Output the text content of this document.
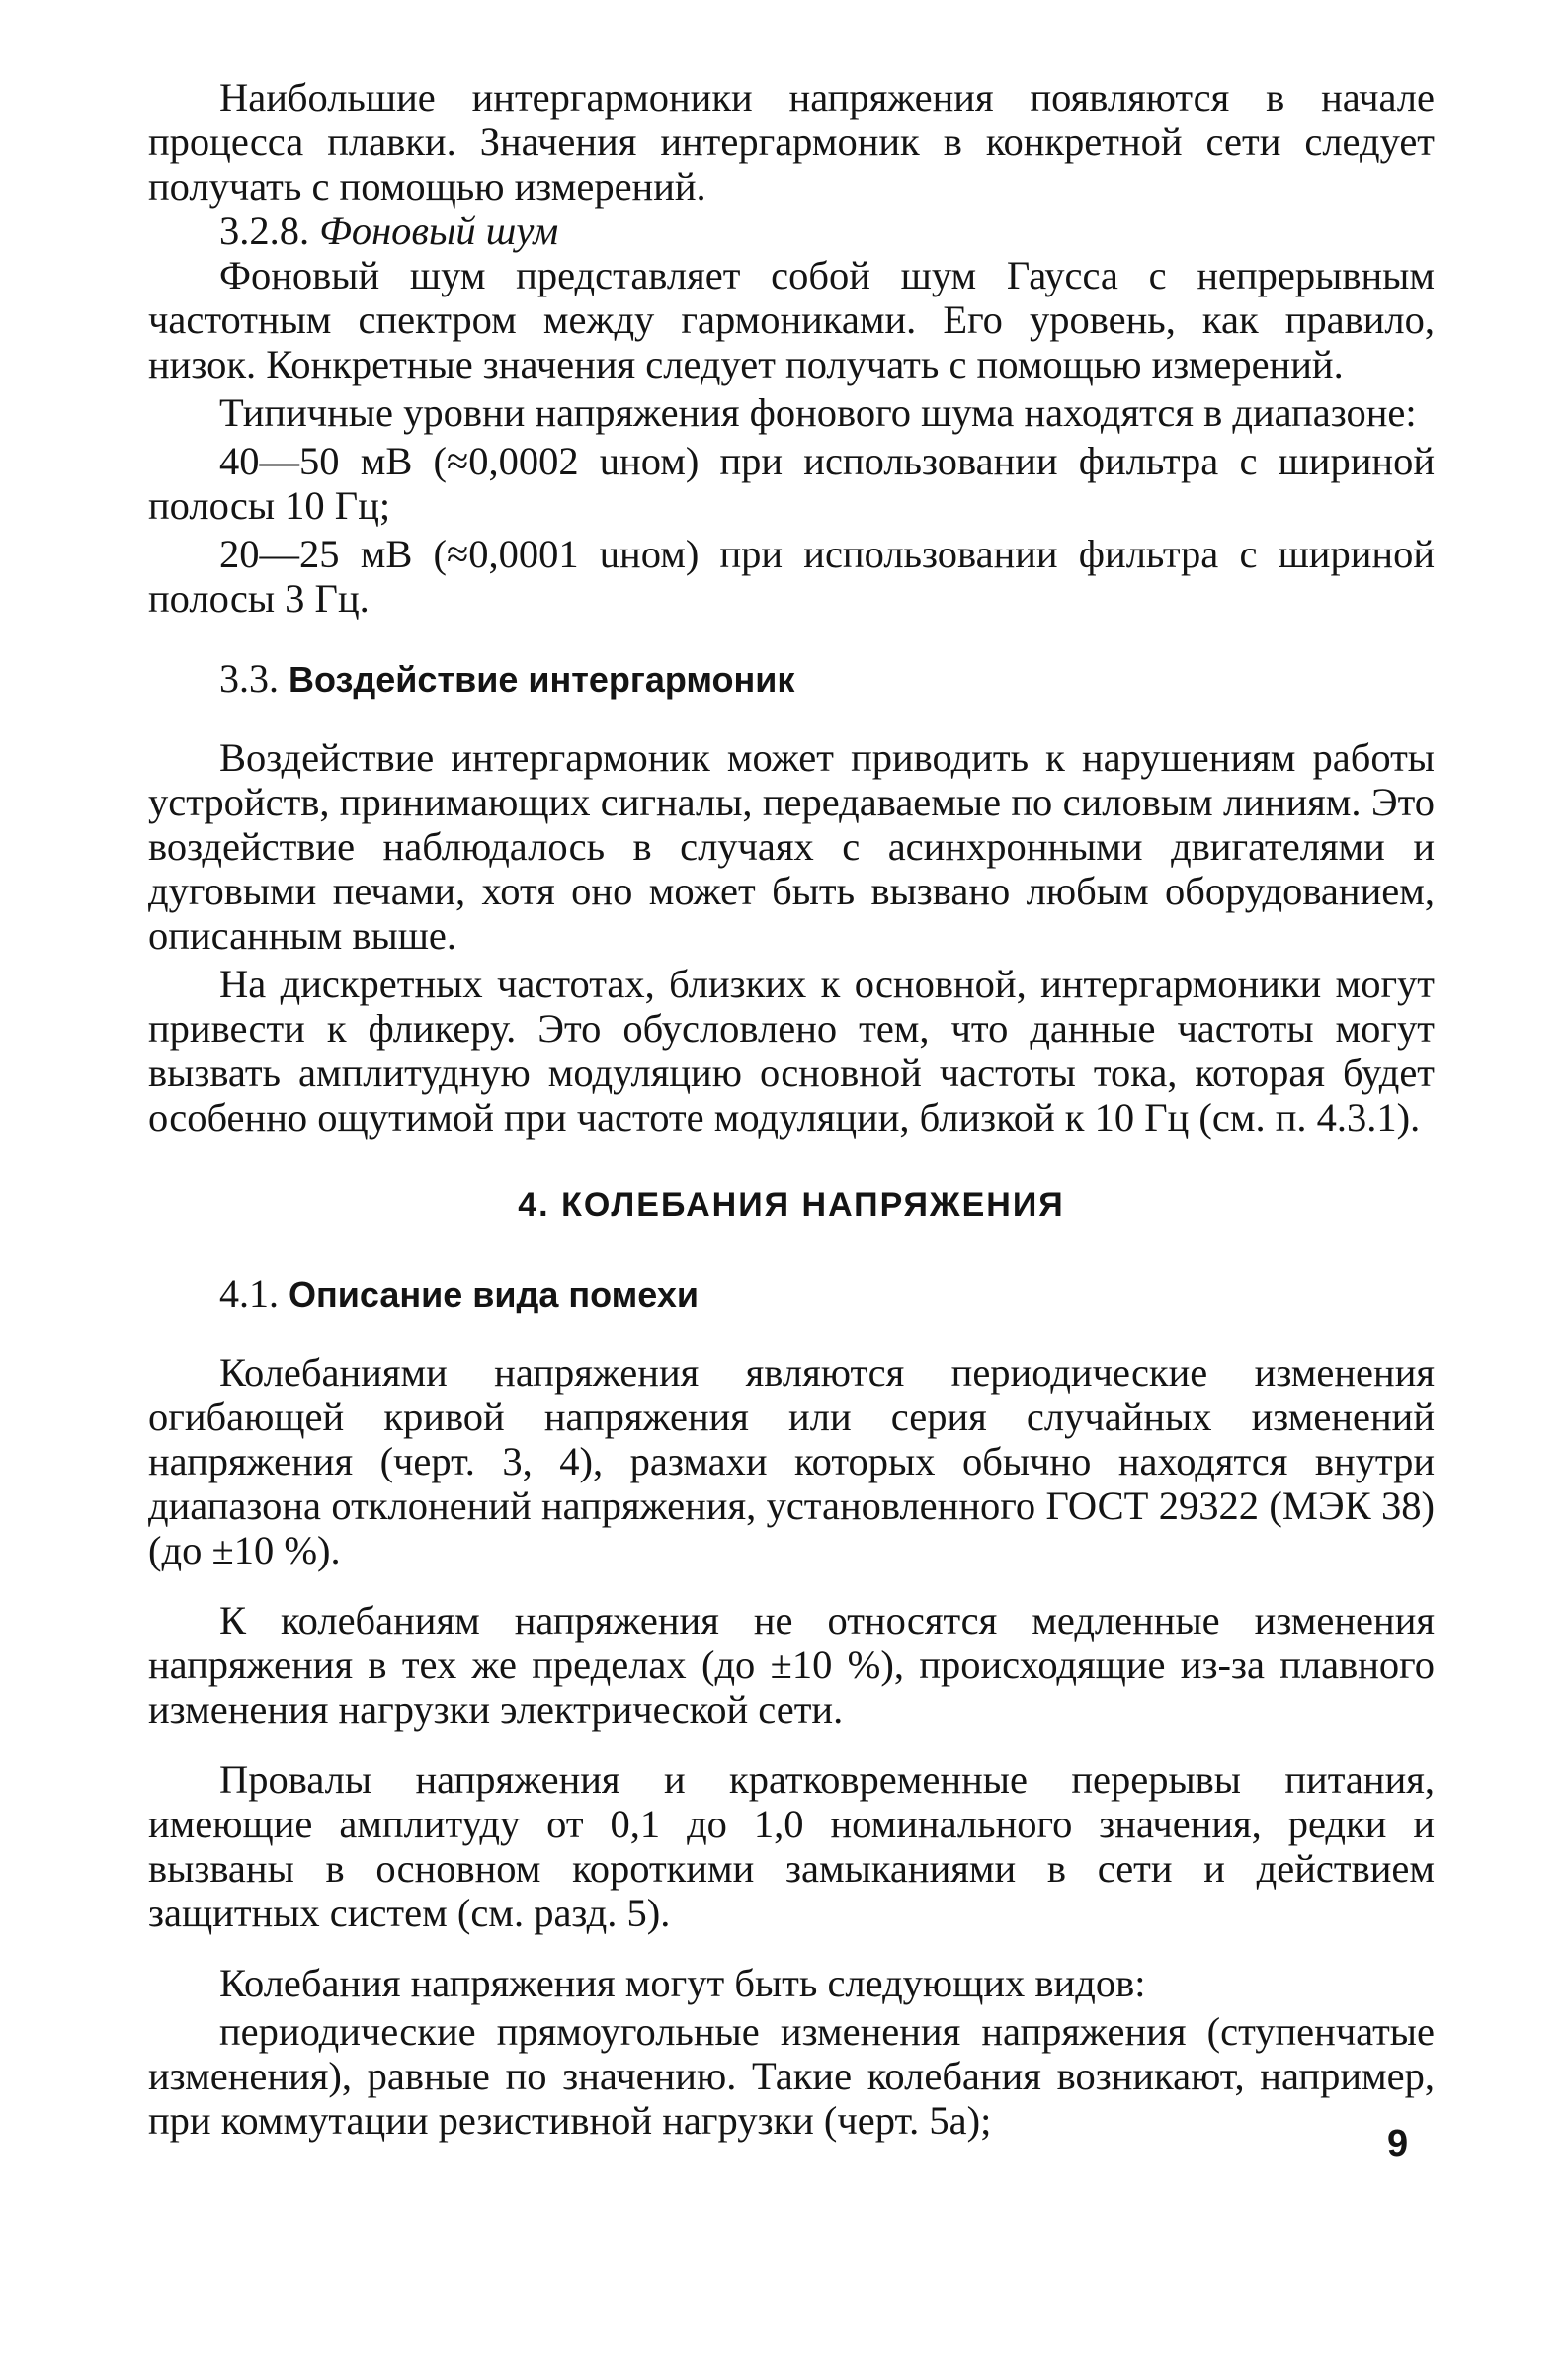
Наибольшие интергармоники напряжения появляются в начале процесса плавки. Значения интергармоник в конкретной сети следует получать с помощью измерений.

3.2.8. Фоновый шум

Фоновый шум представляет собой шум Гаусса с непрерывным частотным спектром между гармониками. Его уровень, как правило, низок. Конкретные значения следует получать с помощью измерений.

Типичные уровни напряжения фонового шума находятся в диапазоне:

40—50 мВ (≈0,0002 uном) при использовании фильтра с шириной полосы 10 Гц;

20—25 мВ (≈0,0001 uном) при использовании фильтра с шириной полосы 3 Гц.

3.3. Воздействие интергармоник

Воздействие интергармоник может приводить к нарушениям работы устройств, принимающих сигналы, передаваемые по силовым линиям. Это воздействие наблюдалось в случаях с асинхронными двигателями и дуговыми печами, хотя оно может быть вызвано любым оборудованием, описанным выше.

На дискретных частотах, близких к основной, интергармоники могут привести к фликеру. Это обусловлено тем, что данные частоты могут вызвать амплитудную модуляцию основной частоты тока, которая будет особенно ощутимой при частоте модуляции, близкой к 10 Гц (см. п. 4.3.1).

4. КОЛЕБАНИЯ НАПРЯЖЕНИЯ

4.1. Описание вида помехи

Колебаниями напряжения являются периодические изменения огибающей кривой напряжения или серия случайных изменений напряжения (черт. 3, 4), размахи которых обычно находятся внутри диапазона отклонений напряжения, установленного ГОСТ 29322 (МЭК 38) (до ±10 %).

К колебаниям напряжения не относятся медленные изменения напряжения в тех же пределах (до ±10 %), происходящие из-за плавного изменения нагрузки электрической сети.

Провалы напряжения и кратковременные перерывы питания, имеющие амплитуду от 0,1 до 1,0 номинального значения, редки и вызваны в основном короткими замыканиями в сети и действием защитных систем (см. разд. 5).

Колебания напряжения могут быть следующих видов:

периодические прямоугольные изменения напряжения (ступенчатые изменения), равные по значению. Такие колебания возникают, например, при коммутации резистивной нагрузки (черт. 5а);

9
